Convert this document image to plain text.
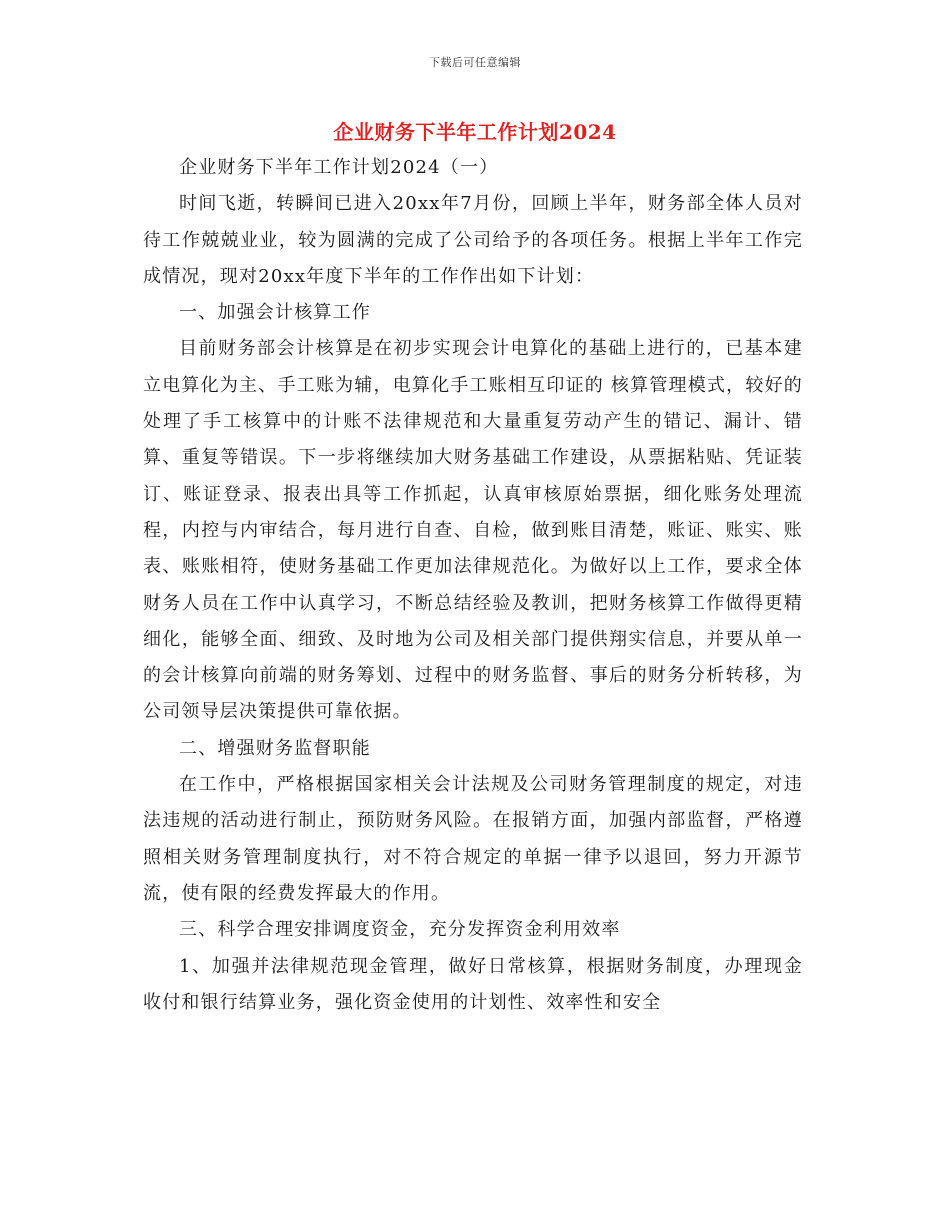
下载后可任意编辑
企业财务下半年工作计划2024

企业财务下半年工作计划2024（一）

时间飞逝，转瞬间已进入20xx年7月份，回顾上半年，财务部全体人员对待工作兢兢业业，较为圆满的完成了公司给予的各项任务。根据上半年工作完成情况，现对20xx年度下半年的工作作出如下计划：

一、加强会计核算工作

目前财务部会计核算是在初步实现会计电算化的基础上进行的，已基本建立电算化为主、手工账为辅，电算化手工账相互印证的 核算管理模式，较好的处理了手工核算中的计账不法律规范和大量重复劳动产生的错记、漏计、错算、重复等错误。下一步将继续加大财务基础工作建设，从票据粘贴、凭证装订、账证登录、报表出具等工作抓起，认真审核原始票据，细化账务处理流程，内控与内审结合，每月进行自查、自检，做到账目清楚，账证、账实、账表、账账相符，使财务基础工作更加法律规范化。为做好以上工作，要求全体财务人员在工作中认真学习，不断总结经验及教训，把财务核算工作做得更精细化，能够全面、细致、及时地为公司及相关部门提供翔实信息，并要从单一的会计核算向前端的财务筹划、过程中的财务监督、事后的财务分析转移，为公司领导层决策提供可靠依据。

二、增强财务监督职能

在工作中，严格根据国家相关会计法规及公司财务管理制度的规定，对违法违规的活动进行制止，预防财务风险。在报销方面，加强内部监督，严格遵照相关财务管理制度执行，对不符合规定的单据一律予以退回，努力开源节流，使有限的经费发挥最大的作用。

三、科学合理安排调度资金，充分发挥资金利用效率

1、加强并法律规范现金管理，做好日常核算，根据财务制度，办理现金收付和银行结算业务，强化资金使用的计划性、效率性和安全
